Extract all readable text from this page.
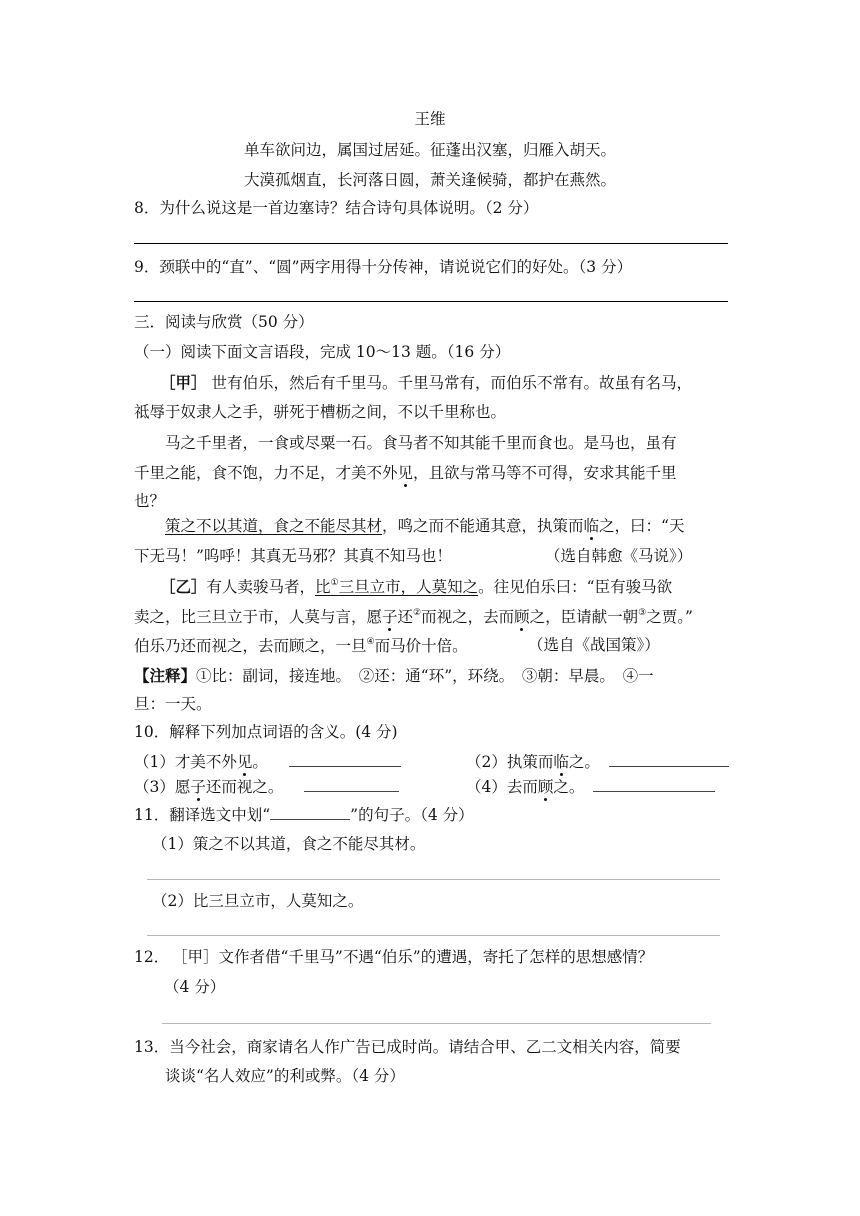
王维
单车欲问边，属国过居延。征蓬出汉塞，归雁入胡天。
大漠孤烟直，长河落日圆，萧关逢候骑，都护在燕然。
8．为什么说这是一首边塞诗？结合诗句具体说明。（2 分）
9．颈联中的“直”、“圆”两字用得十分传神，请说说它们的好处。（3 分）
三．阅读与欣赏（50 分）
（一）阅读下面文言语段，完成 10～13 题。（16 分）
［甲］ 世有伯乐，然后有千里马。千里马常有，而伯乐不常有。故虽有名马，
祗辱于奴隶人之手，骈死于槽枥之间，不以千里称也。
马之千里者，一食或尽粟一石。食马者不知其能千里而食也。是马也，虽有
千里之能，食不饱，力不足，才美不外见，且欲与常马等不可得，安求其能千里
也？
策之不以其道，食之不能尽其材，鸣之而不能通其意，执策而临之，曰：“天
下无马！”呜呼！其真无马邪？其真不知马也！	（选自韩愈《马说》）
［乙］有人卖骏马者，比①三旦立市，人莫知之。往见伯乐曰：“臣有骏马欲
卖之，比三旦立于市，人莫与言，愿子还②而视之，去而顾之，臣请献一朝③之贾。”
伯乐乃还而视之，去而顾之，一旦④而马价十倍。	（选自《战国策》）
【注释】①比：副词，接连地。　②还：通“环”，环绕。　③朝：早晨。　④一
旦：一天。
10．解释下列加点词语的含义。(4 分)
（1）才美不外见。	（2）执策而临之。
（3）愿子还而视之。	（4）去而顾之。
11．翻译选文中划“	”的句子。（4 分）
（1）策之不以其道，食之不能尽其材。
（2）比三旦立市，人莫知之。
12． ［甲］文作者借“千里马”不遇“伯乐”的遭遇，寄托了怎样的思想感情？
（4 分）
13．当今社会，商家请名人作广告已成时尚。请结合甲、乙二文相关内容，简要
谈谈“名人效应”的利或弊。（4 分）
